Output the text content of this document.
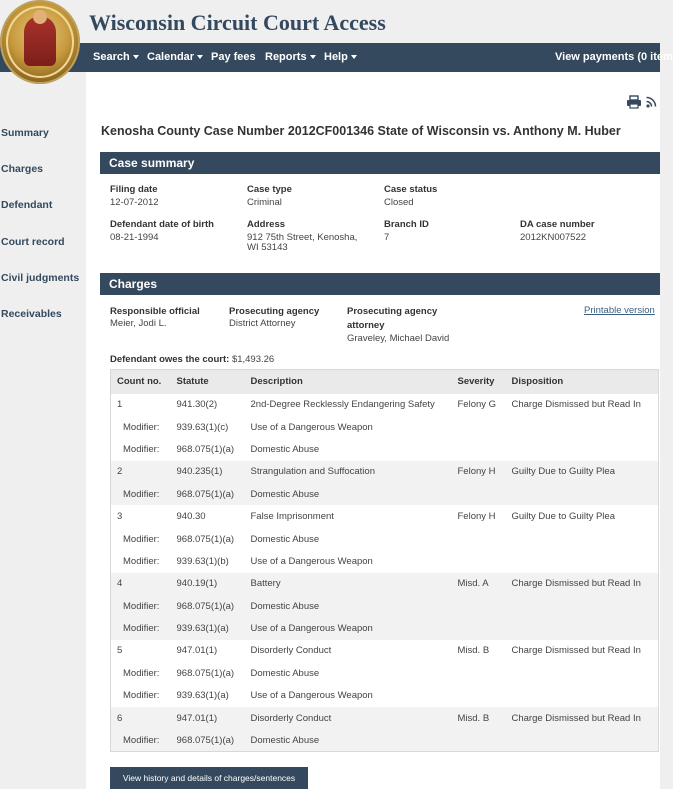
Wisconsin Circuit Court Access
Search	Calendar	Pay fees Reports	Help	View payments (0 item
Summary
Charges
Defendant
Court record
Civil judgments
Receivables
Kenosha County Case Number 2012CF001346 State of Wisconsin vs. Anthony M. Huber
Case summary
Filing date
12-07-2012
Case type
Criminal
Case status
Closed
Defendant date of birth
08-21-1994
Address
912 75th Street, Kenosha,
WI 53143
Branch ID
7
DA case number
2012KN007522
Charges
Responsible official
Meier, Jodi L.
Prosecuting agency
District Attorney
Prosecuting agency
attorney
Graveley, Michael David
Printable version
Defendant owes the court: $1,493.26
Count no.	Statute	Description	Severity	Disposition
1	941.30(2)	2nd-Degree Recklessly Endangering Safety	Felony G	Charge Dismissed but Read In
Modifier:	939.63(1)(c)	Use of a Dangerous Weapon		
Modifier:	968.075(1)(a)	Domestic Abuse		
2	940.235(1)	Strangulation and Suffocation	Felony H	Guilty Due to Guilty Plea
Modifier:	968.075(1)(a)	Domestic Abuse		
3	940.30	False Imprisonment	Felony H	Guilty Due to Guilty Plea
Modifier:	968.075(1)(a)	Domestic Abuse		
Modifier:	939.63(1)(b)	Use of a Dangerous Weapon		
4	940.19(1)	Battery	Misd. A	Charge Dismissed but Read In
Modifier:	968.075(1)(a)	Domestic Abuse		
Modifier:	939.63(1)(a)	Use of a Dangerous Weapon		
5	947.01(1)	Disorderly Conduct	Misd. B	Charge Dismissed but Read In
Modifier:	968.075(1)(a)	Domestic Abuse		
Modifier:	939.63(1)(a)	Use of a Dangerous Weapon		
6	947.01(1)	Disorderly Conduct	Misd. B	Charge Dismissed but Read In
Modifier:	968.075(1)(a)	Domestic Abuse		
View history and details of charges/sentences
